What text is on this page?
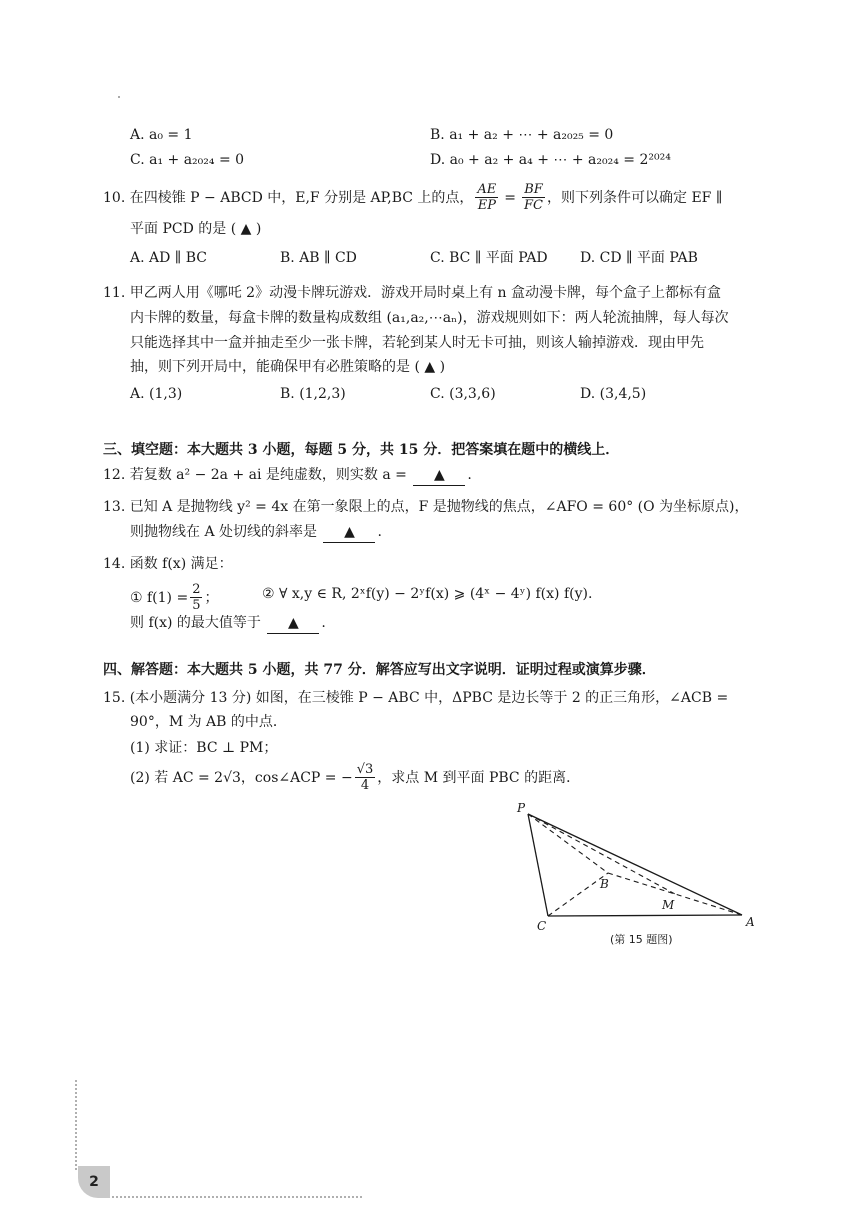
A. a₀ = 1	B. a₁ + a₂ + ⋯ + a₂₀₂₅ = 0
C. a₁ + a₂₀₂₄ = 0	D. a₀ + a₂ + a₄ + ⋯ + a₂₀₂₄ = 2²⁰²⁴
10. 在四棱锥 P − ABCD 中，E,F 分别是 AP,BC 上的点， $\frac{AE}{EP} = \frac{BF}{FC}$ ，则下列条件可以确定 EF ∥
平面 PCD 的是 ( ▲ )
A. AD ∥ BC	B. AB ∥ CD	C. BC ∥ 平面 PAD D. CD ∥ 平面 PAB
11. 甲乙两人用《哪吒 2》动漫卡牌玩游戏．游戏开局时桌上有 n 盒动漫卡牌，每个盒子上都标有盒
内卡牌的数量，每盒卡牌的数量构成数组 (a₁,a₂,⋯aₙ)，游戏规则如下：两人轮流抽牌，每人每次
只能选择其中一盒并抽走至少一张卡牌，若轮到某人时无卡可抽，则该人输掉游戏．现由甲先
抽，则下列开局中，能确保甲有必胜策略的是 ( ▲ )
A. (1,3)	B. (1,2,3)	C. (3,3,6)	D. (3,4,5)
三、填空题：本大题共 3 小题，每题 5 分，共 15 分．把答案填在题中的横线上．
12. 若复数 a² − 2a + ai 是纯虚数，则实数 a = ▲ .
13. 已知 A 是抛物线 y² = 4x 在第一象限上的点，F 是抛物线的焦点，∠AFO = 60° (O 为坐标原点)，
则抛物线在 A 处切线的斜率是 ▲ .
14. 函数 f(x) 满足：
① $f(1) = \frac{2}{5}$ ；	② ∀ x,y ∈ R, 2ˣf(y) − 2ʸf(x) ⩾ (4ˣ − 4ʸ) f(x) f(y).
则 f(x) 的最大值等于 ▲ .
四、解答题：本大题共 5 小题，共 77 分．解答应写出文字说明．证明过程或演算步骤．
15. (本小题满分 13 分) 如图，在三棱锥 P − ABC 中，ΔPBC 是边长等于 2 的正三角形，∠ACB =
90°，M 为 AB 的中点．
(1) 求证：BC ⊥ PM；
(2) 若 AC = 2√3，cos∠ACP = − $\frac{√3}{4}$ ，求点 M 到平面 PBC 的距离．
P
B
M
C	A
(第 15 题图)
2
